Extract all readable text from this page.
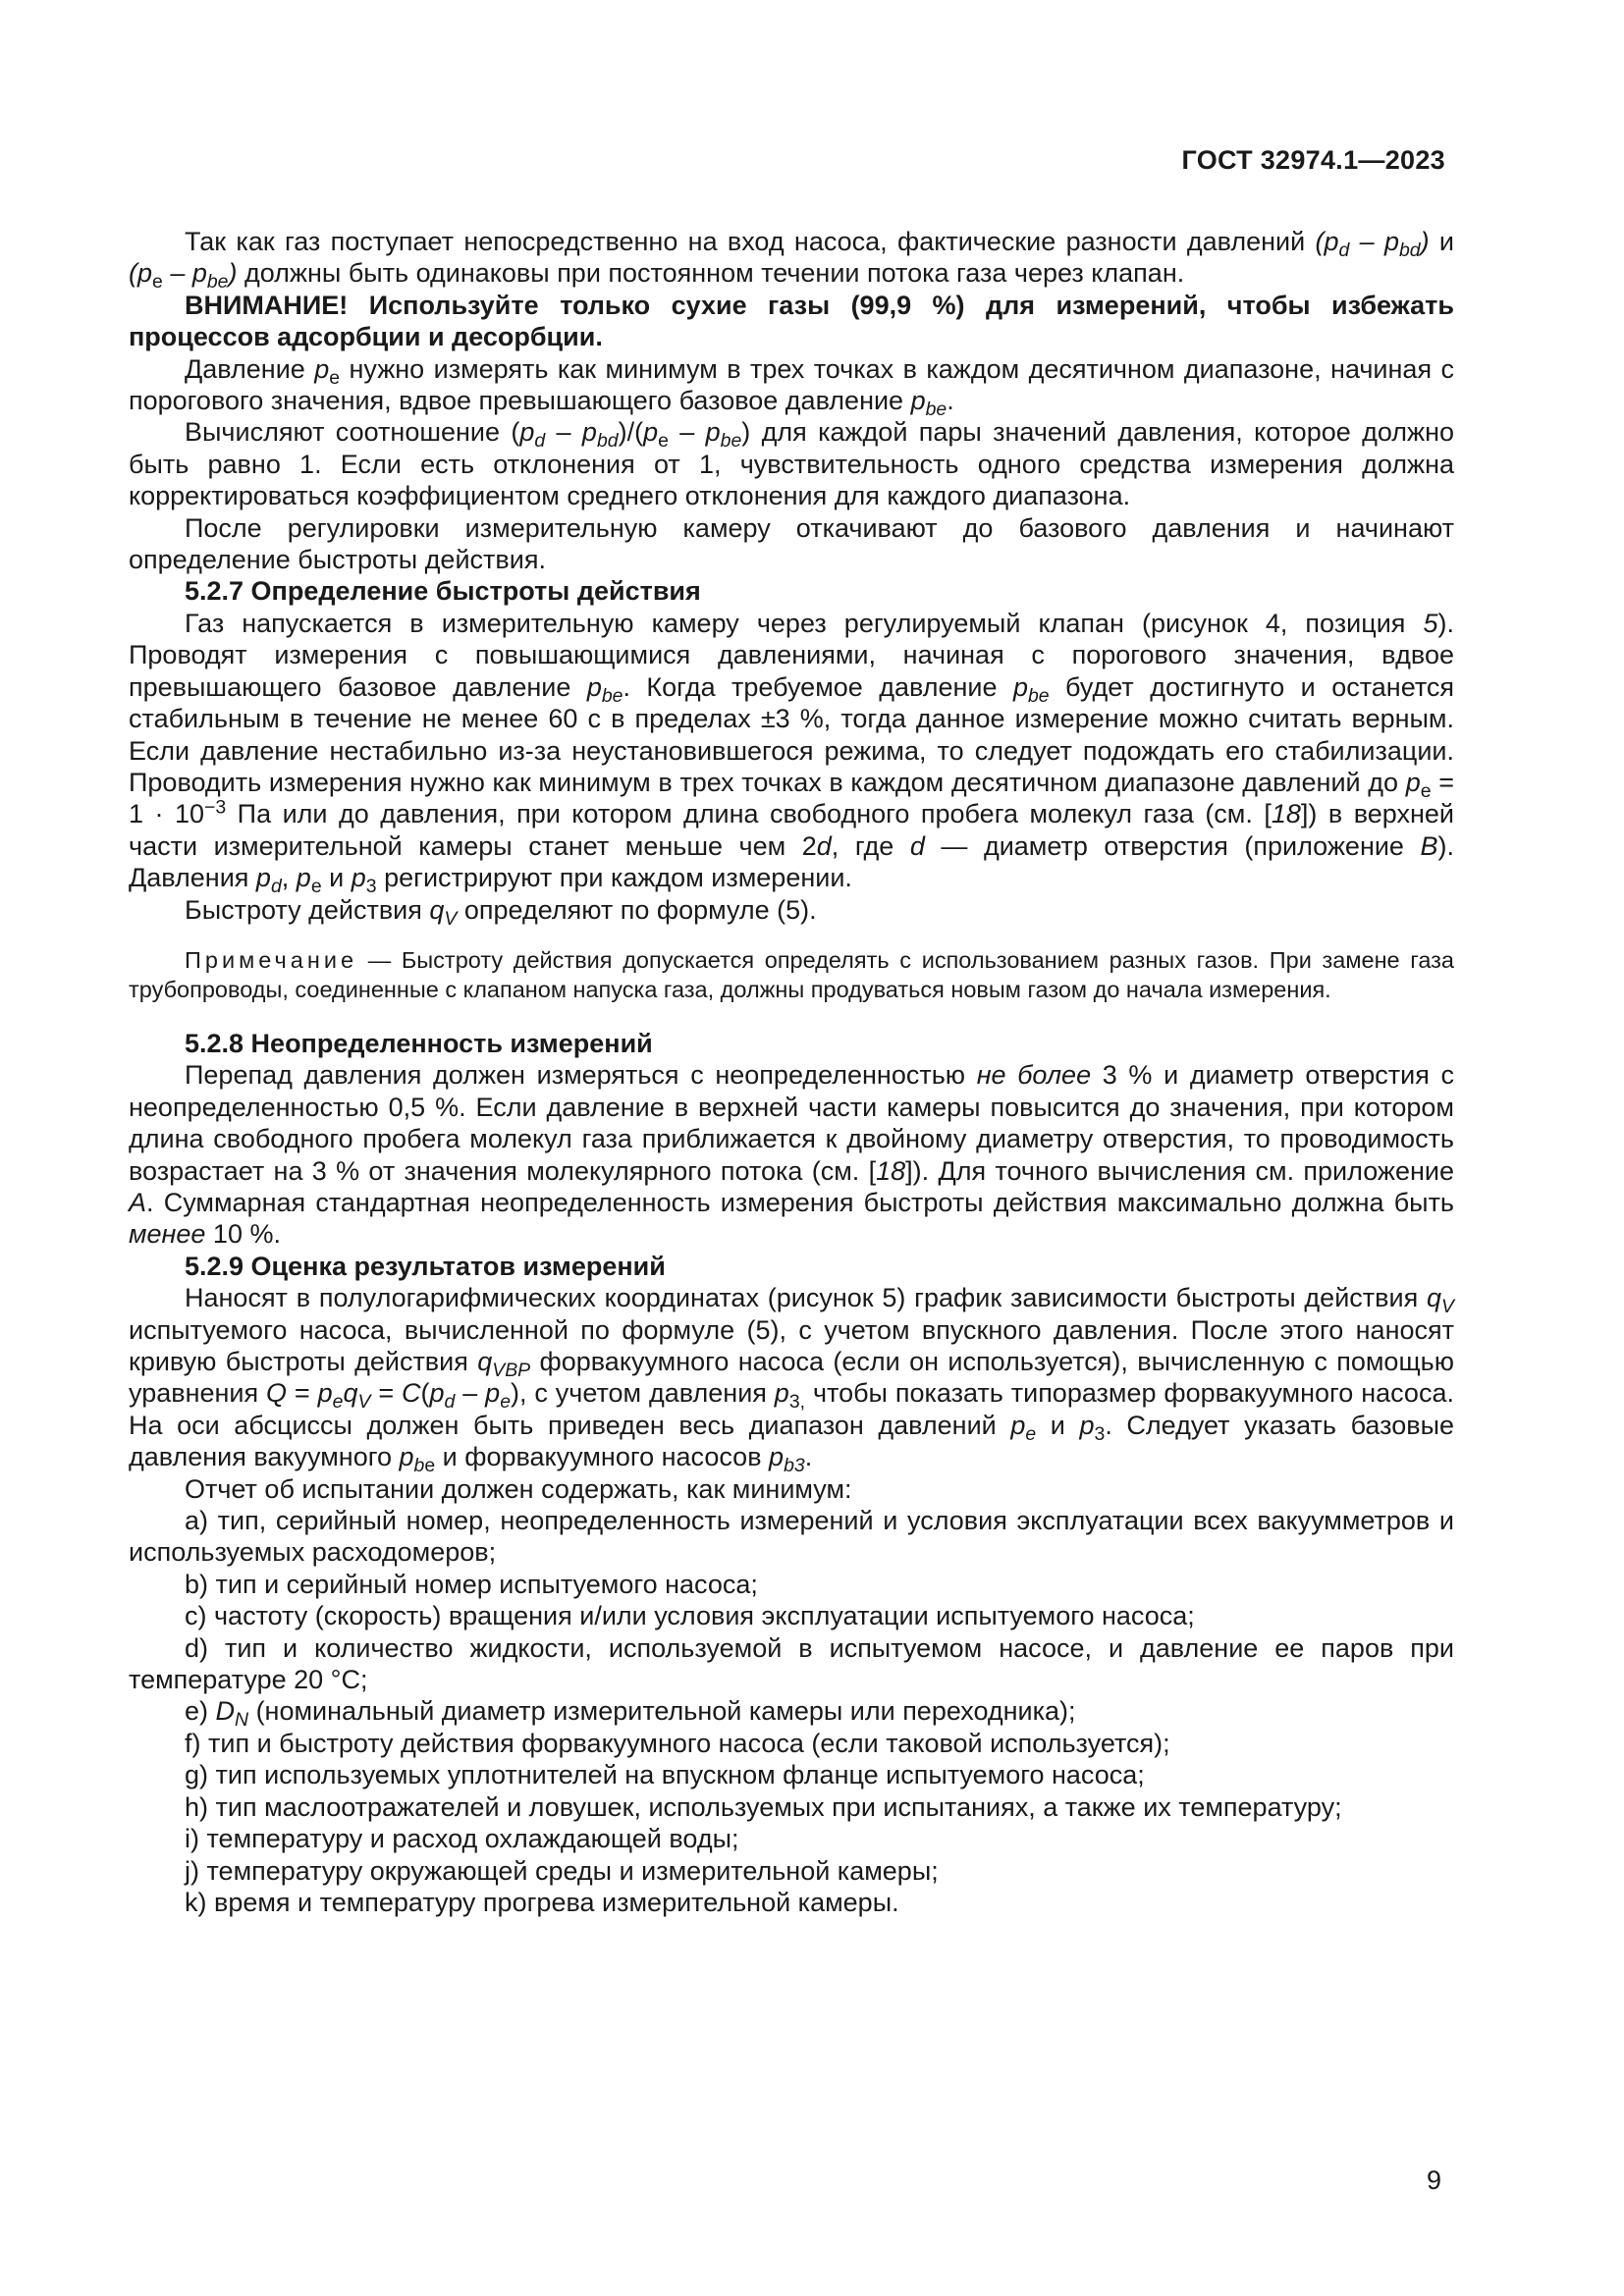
ГОСТ 32974.1—2023

Так как газ поступает непосредственно на вход насоса, фактические разности давлений $(p_d - p_{bd})$ и $(p_e - p_{be})$ должны быть одинаковы при постоянном течении потока газа через клапан.

ВНИМАНИЕ! Используйте только сухие газы (99,9 %) для измерений, чтобы избежать процессов адсорбции и десорбции.

Давление $p_e$ нужно измерять как минимум в трех точках в каждом десятичном диапазоне, начиная с порогового значения, вдвое превышающего базовое давление $p_{be}$.

Вычисляют соотношение $(p_d - p_{bd})/(p_e - p_{be})$ для каждой пары значений давления, которое должно быть равно 1. Если есть отклонения от 1, чувствительность одного средства измерения должна корректироваться коэффициентом среднего отклонения для каждого диапазона.

После регулировки измерительную камеру откачивают до базового давления и начинают определение быстроты действия.

5.2.7 Определение быстроты действия

Газ напускается в измерительную камеру через регулируемый клапан (рисунок 4, позиция 5). Проводят измерения с повышающимися давлениями, начиная с порогового значения, вдвое превышающего базовое давление $p_{be}$. Когда требуемое давление $p_{be}$ будет достигнуто и останется стабильным в течение не менее 60 с в пределах ±3 %, тогда данное измерение можно считать верным. Если давление нестабильно из-за неустановившегося режима, то следует подождать его стабилизации. Проводить измерения нужно как минимум в трех точках в каждом десятичном диапазоне давлений до $p_e = 1 \cdot 10^{-3}$ Па или до давления, при котором длина свободного пробега молекул газа (см. [18]) в верхней части измерительной камеры станет меньше чем 2d, где d — диаметр отверстия (приложение B). Давления $p_d$, $p_e$ и $p_3$ регистрируют при каждом измерении.

Быстроту действия $q_V$ определяют по формуле (5).

Примечание — Быстроту действия допускается определять с использованием разных газов. При замене газа трубопроводы, соединенные с клапаном напуска газа, должны продуваться новым газом до начала измерения.

5.2.8 Неопределенность измерений

Перепад давления должен измеряться с неопределенностью не более 3 % и диаметр отверстия с неопределенностью 0,5 %. Если давление в верхней части камеры повысится до значения, при котором длина свободного пробега молекул газа приближается к двойному диаметру отверстия, то проводимость возрастает на 3 % от значения молекулярного потока (см. [18]). Для точного вычисления см. приложение A. Суммарная стандартная неопределенность измерения быстроты действия максимально должна быть менее 10 %.

5.2.9 Оценка результатов измерений

Наносят в полулогарифмических координатах (рисунок 5) график зависимости быстроты действия $q_V$ испытуемого насоса, вычисленной по формуле (5), с учетом впускного давления. После этого наносят кривую быстроты действия $q_{VBP}$ форвакуумного насоса (если он используется), вычисленную с помощью уравнения $Q = p_eq_V = C(p_d - p_e)$, с учетом давления $p_{3,}$ чтобы показать типоразмер форвакуумного насоса. На оси абсциссы должен быть приведен весь диапазон давлений $p_e$ и $p_3$. Следует указать базовые давления вакуумного $p_{be}$ и форвакуумного насосов $p_{b3}$.

Отчет об испытании должен содержать, как минимум:

a) тип, серийный номер, неопределенность измерений и условия эксплуатации всех вакуумметров и используемых расходомеров;

b) тип и серийный номер испытуемого насоса;

c) частоту (скорость) вращения и/или условия эксплуатации испытуемого насоса;

d) тип и количество жидкости, используемой в испытуемом насосе, и давление ее паров при температуре 20 °С;

e) $D_N$ (номинальный диаметр измерительной камеры или переходника);

f) тип и быстроту действия форвакуумного насоса (если таковой используется);

g) тип используемых уплотнителей на впускном фланце испытуемого насоса;

h) тип маслоотражателей и ловушек, используемых при испытаниях, а также их температуру;

i) температуру и расход охлаждающей воды;

j) температуру окружающей среды и измерительной камеры;

k) время и температуру прогрева измерительной камеры.

9
